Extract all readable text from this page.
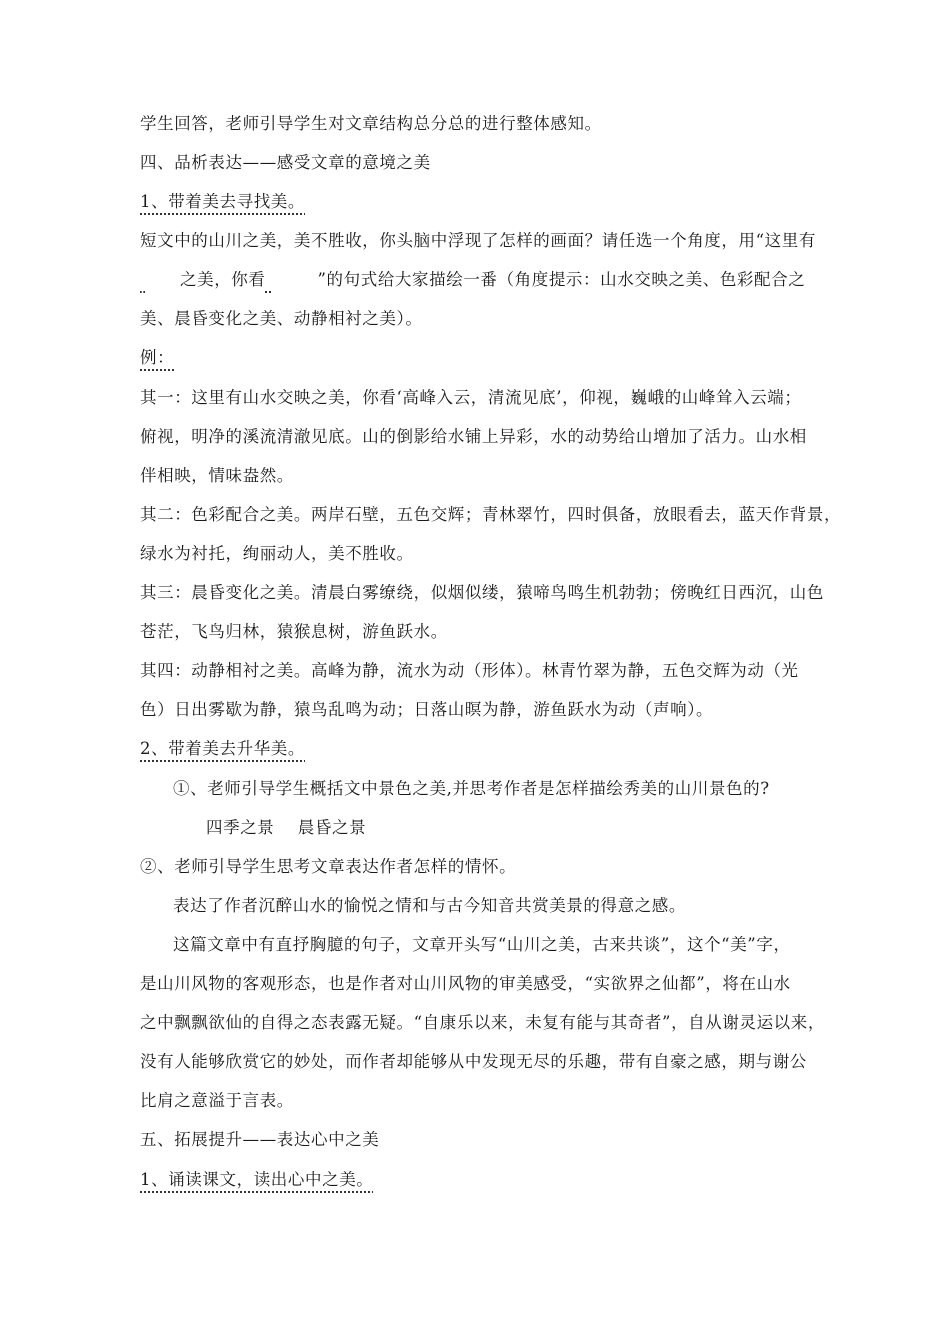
学生回答，老师引导学生对文章结构总分总的进行整体感知。
四、品析表达——感受文章的意境之美
1、带着美去寻找美。
短文中的山川之美，美不胜收，你头脑中浮现了怎样的画面？请任选一个角度，用“这里有
之美，你看	”的句式给大家描绘一番（角度提示：山水交映之美、色彩配合之
美、晨昏变化之美、动静相衬之美）。
例：
其一：这里有山水交映之美，你看‘高峰入云，清流见底’，仰视，巍峨的山峰耸入云端；
俯视，明净的溪流清澈见底。山的倒影给水铺上异彩，水的动势给山增加了活力。山水相
伴相映，情味盎然。
其二：色彩配合之美。两岸石壁，五色交辉；青林翠竹，四时俱备，放眼看去，蓝天作背景，
绿水为衬托，绚丽动人，美不胜收。
其三：晨昏变化之美。清晨白雾缭绕，似烟似缕，猿啼鸟鸣生机勃勃；傍晚红日西沉，山色
苍茫，飞鸟归林，猿猴息树，游鱼跃水。
其四：动静相衬之美。高峰为静，流水为动（形体）。林青竹翠为静，五色交辉为动（光
色）日出雾歇为静，猿鸟乱鸣为动；日落山暝为静，游鱼跃水为动（声响）。
2、带着美去升华美。
①、老师引导学生概括文中景色之美,并思考作者是怎样描绘秀美的山川景色的?
四季之景    晨昏之景
②、老师引导学生思考文章表达作者怎样的情怀。
表达了作者沉醉山水的愉悦之情和与古今知音共赏美景的得意之感。
这篇文章中有直抒胸臆的句子，文章开头写“山川之美，古来共谈”，这个“美”字，
是山川风物的客观形态，也是作者对山川风物的审美感受，“实欲界之仙都”，将在山水
之中飘飘欲仙的自得之态表露无疑。“自康乐以来，未复有能与其奇者”，自从谢灵运以来，
没有人能够欣赏它的妙处，而作者却能够从中发现无尽的乐趣，带有自豪之感，期与谢公
比肩之意溢于言表。
五、拓展提升——表达心中之美
1、诵读课文，读出心中之美。
